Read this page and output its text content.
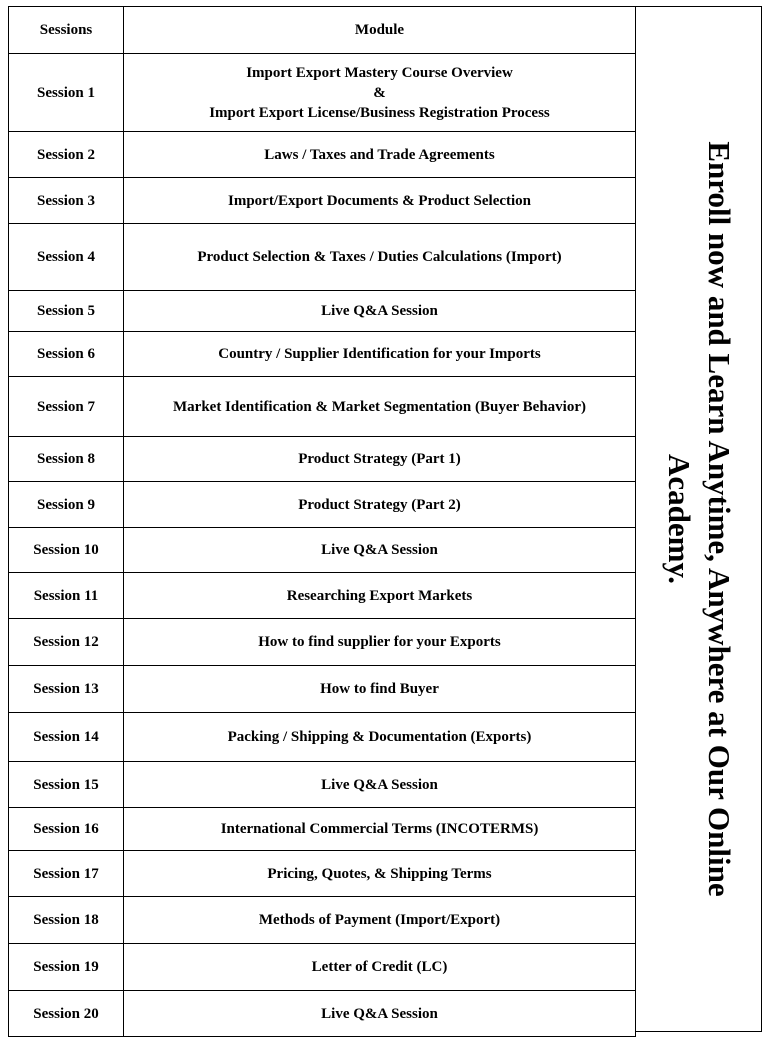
Sessions	Module
Session 1	Import Export Mastery Course Overview
&
Import Export License/Business Registration Process

Session 2	Laws / Taxes and Trade Agreements
Session 3	Import/Export Documents & Product Selection
Session 4	Product Selection & Taxes / Duties Calculations (Import)
Session 5	Live Q&A Session
Session 6	Country / Supplier Identification for your Imports
Session 7	Market Identification & Market Segmentation (Buyer Behavior)
Session 8	Product Strategy (Part 1)
Session 9	Product Strategy (Part 2)
Session 10	Live Q&A Session
Session 11	Researching Export Markets
Session 12	How to find supplier for your Exports
Session 13	How to find Buyer
Session 14	Packing / Shipping & Documentation (Exports)
Session 15	Live Q&A Session
Session 16	International Commercial Terms (INCOTERMS)
Session 17	Pricing, Quotes, & Shipping Terms
Session 18	Methods of Payment (Import/Export)
Session 19	Letter of Credit (LC)
Session 20	Live Q&A Session
Enroll now and Learn Anytime, Anywhere at Our Online
Academy.
